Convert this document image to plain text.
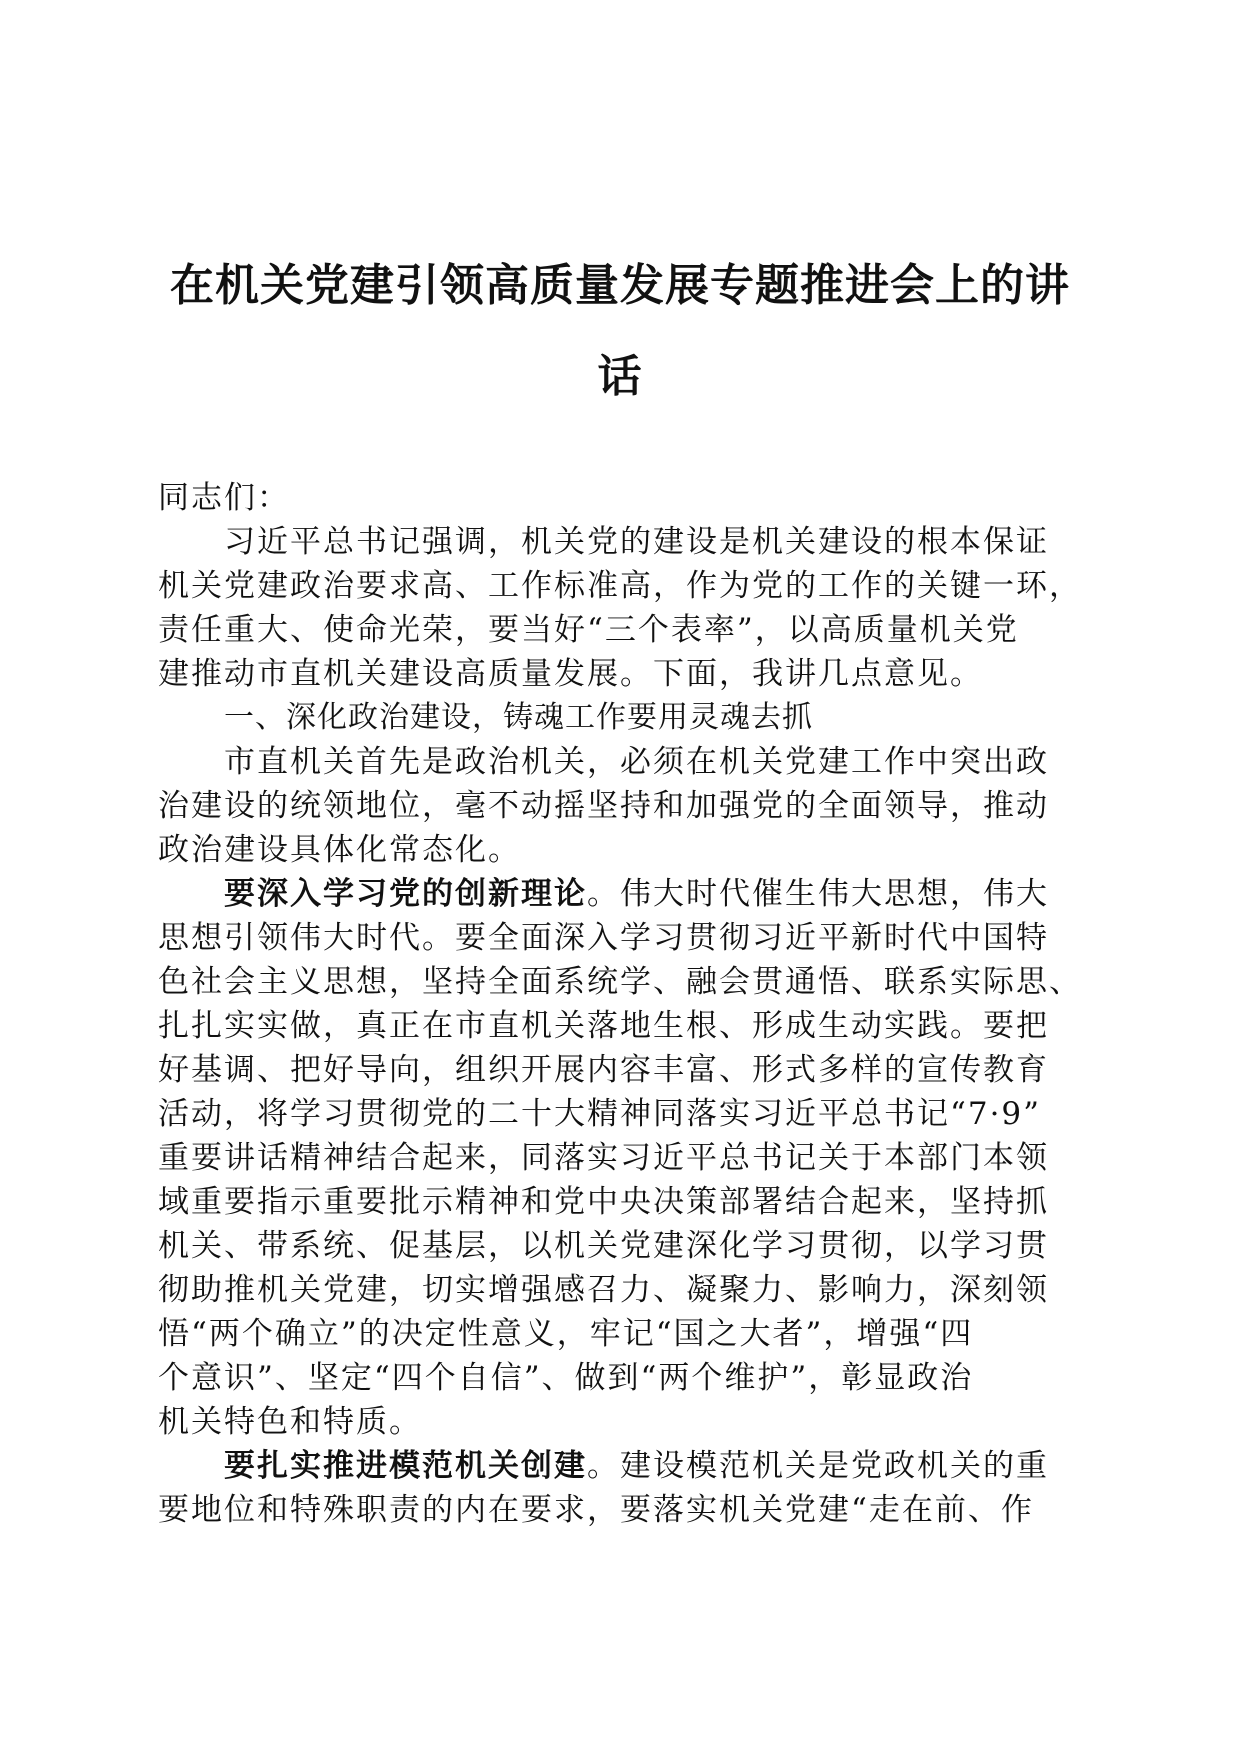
在机关党建引领高质量发展专题推进会上的讲
话
同志们：
习近平总书记强调，机关党的建设是机关建设的根本保证
机关党建政治要求高、工作标准高，作为党的工作的关键一环，
责任重大、使命光荣，要当好“三个表率”，以高质量机关党
建推动市直机关建设高质量发展。下面，我讲几点意见。
一、深化政治建设，铸魂工作要用灵魂去抓
市直机关首先是政治机关，必须在机关党建工作中突出政
治建设的统领地位，毫不动摇坚持和加强党的全面领导，推动
政治建设具体化常态化。
要深入学习党的创新理论。伟大时代催生伟大思想，伟大
思想引领伟大时代。要全面深入学习贯彻习近平新时代中国特
色社会主义思想，坚持全面系统学、融会贯通悟、联系实际思、
扎扎实实做，真正在市直机关落地生根、形成生动实践。要把
好基调、把好导向，组织开展内容丰富、形式多样的宣传教育
活动，将学习贯彻党的二十大精神同落实习近平总书记“7·9”
重要讲话精神结合起来，同落实习近平总书记关于本部门本领
域重要指示重要批示精神和党中央决策部署结合起来，坚持抓
机关、带系统、促基层，以机关党建深化学习贯彻，以学习贯
彻助推机关党建，切实增强感召力、凝聚力、影响力，深刻领
悟“两个确立”的决定性意义，牢记“国之大者”，增强“四
个意识”、坚定“四个自信”、做到“两个维护”，彰显政治
机关特色和特质。
要扎实推进模范机关创建。建设模范机关是党政机关的重
要地位和特殊职责的内在要求，要落实机关党建“走在前、作
